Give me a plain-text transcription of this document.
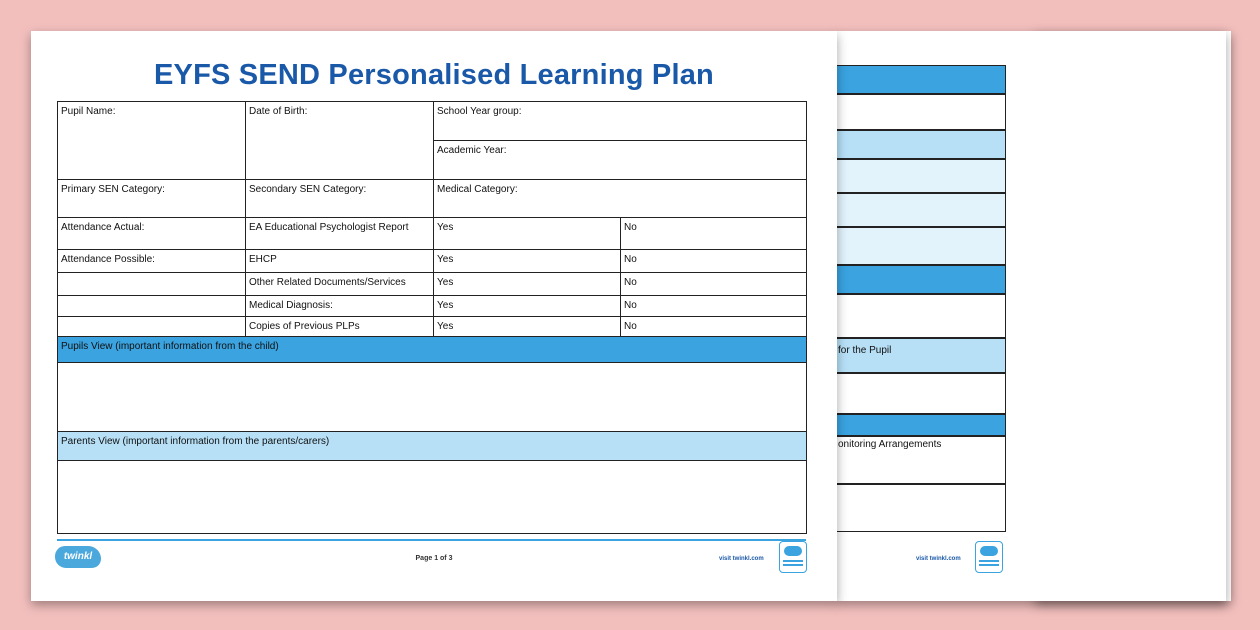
for the Pupil
onitoring Arrangements
visit twinkl.com
EYFS SEND Personalised Learning Plan
Pupil Name:	Date of Birth:	School Year group:	
		Academic Year:	
Primary SEN Category:	Secondary SEN Category:	Medical Category:	
Attendance Actual:	EA Educational Psychologist Report	Yes	No
Attendance Possible:	EHCP	Yes	No
	Other Related Documents/Services	Yes	No
	Medical Diagnosis:	Yes	No
	Copies of Previous PLPs	Yes	No
Pupils View (important information from the child)			

Parents View (important information from the parents/carers)			

twinkl	Page 1 of 3	visit twinkl.com
